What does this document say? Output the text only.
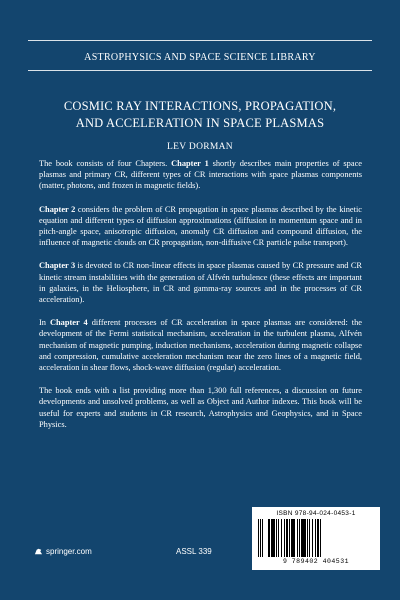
ASTROPHYSICS AND SPACE SCIENCE LIBRARY
COSMIC RAY INTERACTIONS, PROPAGATION,
AND ACCELERATION IN SPACE PLASMAS
LEV DORMAN

The book consists of four Chapters. Chapter 1 shortly describes main properties of space plasmas and primary CR, different types of CR interactions with space plasmas components (matter, photons, and frozen in magnetic fields).

Chapter 2 considers the problem of CR propagation in space plasmas described by the kinetic equation and different types of diffusion approximations (diffusion in momentum space and in pitch-angle space, anisotropic diffusion, anomaly CR diffusion and compound diffusion, the influence of magnetic clouds on CR propagation, non-diffusive CR particle pulse transport).

Chapter 3 is devoted to CR non-linear effects in space plasmas caused by CR pressure and CR kinetic stream instabilities with the generation of Alfvén turbulence (these effects are important in galaxies, in the Heliosphere, in CR and gamma-ray sources and in the processes of CR acceleration).

In Chapter 4 different processes of CR acceleration in space plasmas are considered: the development of the Fermi statistical mechanism, acceleration in the turbulent plasma, Alfvén mechanism of magnetic pumping, induction mechanisms, acceleration during magnetic collapse and compression, cumulative acceleration mechanism near the zero lines of a magnetic field, acceleration in shear flows, shock-wave diffusion (regular) acceleration.

The book ends with a list providing more than 1,300 full references, a discussion on future developments and unsolved problems, as well as Object and Author indexes. This book will be useful for experts and students in CR research, Astrophysics and Geophysics, and in Space Physics.

ISBN 978-94-024-0453-1
9 789402 404531
springer.com	ASSL 339
